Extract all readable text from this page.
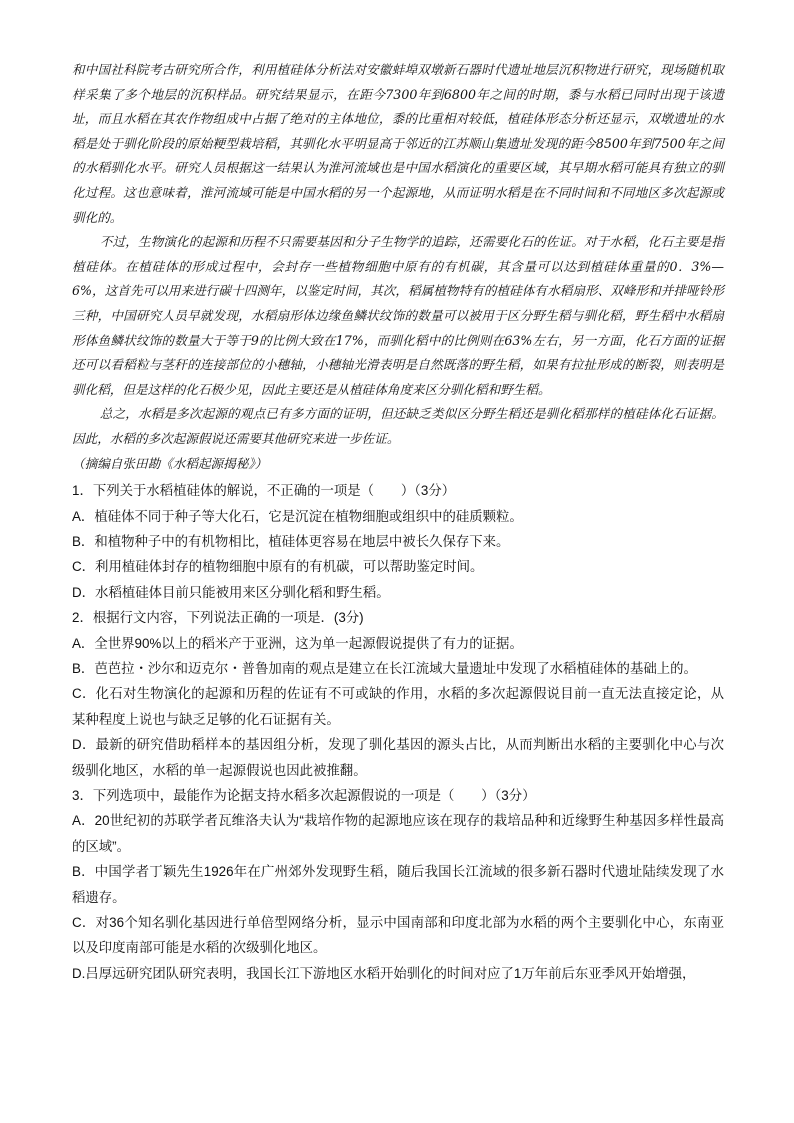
和中国社科院考古研究所合作，利用植硅体分析法对安徽蚌埠双墩新石器时代遗址地层沉积物进行研究，现场随机取样采集了多个地层的沉积样品。研究结果显示，在距今7300年到6800年之间的时期，黍与水稻已同时出现于该遗址，而且水稻在其农作物组成中占据了绝对的主体地位，黍的比重相对较低，植硅体形态分析还显示，双墩遗址的水稻是处于驯化阶段的原始粳型栽培稻，其驯化水平明显高于邻近的江苏顺山集遗址发现的距今8500年到7500年之间的水稻驯化水平。研究人员根据这一结果认为淮河流域也是中国水稻演化的重要区域，其早期水稻可能具有独立的驯化过程。这也意味着，淮河流域可能是中国水稻的另一个起源地，从而证明水稻是在不同时间和不同地区多次起源或驯化的。

不过，生物演化的起源和历程不只需要基因和分子生物学的追踪，还需要化石的佐证。对于水稻，化石主要是指植硅体。在植硅体的形成过程中，会封存一些植物细胞中原有的有机碳，其含量可以达到植硅体重量的0．3%—6%，这首先可以用来进行碳十四测年，以鉴定时间，其次，稻属植物特有的植硅体有水稻扇形、双峰形和并排哑铃形三种，中国研究人员早就发现，水稻扇形体边缘鱼鳞状纹饰的数量可以被用于区分野生稻与驯化稻，野生稻中水稻扇形体鱼鳞状纹饰的数量大于等于9的比例大致在17%，而驯化稻中的比例则在63%左右，另一方面，化石方面的证据还可以看稻粒与茎秆的连接部位的小穗轴，小穗轴光滑表明是自然既落的野生稻，如果有拉扯形成的断裂，则表明是驯化稻，但是这样的化石极少见，因此主要还是从植硅体角度来区分驯化稻和野生稻。

总之，水稻是多次起源的观点已有多方面的证明，但还缺乏类似区分野生稻还是驯化稻那样的植硅体化石证据。因此，水稻的多次起源假说还需要其他研究来进一步佐证。

（摘编自张田勘《水稻起源揭秘》）

1．下列关于水稻植硅体的解说，不正确的一项是（　　）（3分）

A．植硅体不同于种子等大化石，它是沉淀在植物细胞或组织中的硅质颗粒。

B．和植物种子中的有机物相比，植硅体更容易在地层中被长久保存下来。

C．利用植硅体封存的植物细胞中原有的有机碳，可以帮助鉴定时间。

D．水稻植硅体目前只能被用来区分驯化稻和野生稻。

2．根据行文内容，下列说法正确的一项是．(3分)

A．全世界90%以上的稻米产于亚洲，这为单一起源假说提供了有力的证据。

B．芭芭拉・沙尔和迈克尔・普鲁加南的观点是建立在长江流域大量遗址中发现了水稻植硅体的基础上的。

C．化石对生物演化的起源和历程的佐证有不可或缺的作用，水稻的多次起源假说目前一直无法直接定论，从某种程度上说也与缺乏足够的化石证据有关。

D．最新的研究借助稻样本的基因组分析，发现了驯化基因的源头占比，从而判断出水稻的主要驯化中心与次级驯化地区，水稻的单一起源假说也因此被推翻。

3．下列选项中，最能作为论据支持水稻多次起源假说的一项是（　　）（3分）

A．20世纪初的苏联学者瓦维洛夫认为“栽培作物的起源地应该在现存的栽培品种和近缘野生种基因多样性最高的区域”。

B．中国学者丁颖先生1926年在广州郊外发现野生稻，随后我国长江流域的很多新石器时代遗址陆续发现了水稻遗存。

C．对36个知名驯化基因进行单倍型网络分析，显示中国南部和印度北部为水稻的两个主要驯化中心，东南亚以及印度南部可能是水稻的次级驯化地区。

D.吕厚远研究团队研究表明，我国长江下游地区水稻开始驯化的时间对应了1万年前后东亚季风开始增强，
